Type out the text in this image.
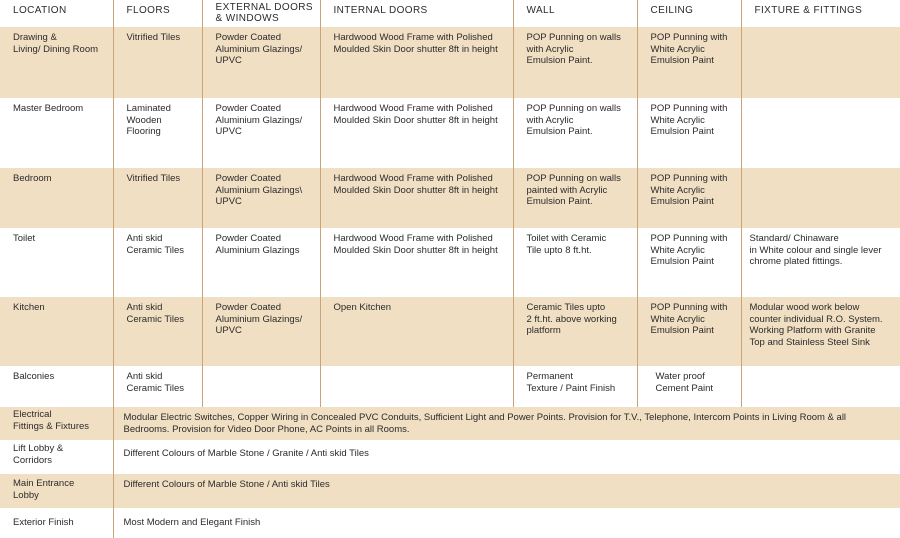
LOCATION	FLOORS	EXTERNAL DOORS
& WINDOWS	INTERNAL DOORS	WALL	CEILING	FIXTURE & FITTINGS

Drawing &
Living/ Dining Room	Vitrified Tiles	Powder Coated
Aluminium Glazings/
UPVC	Hardwood Wood Frame with Polished
Moulded Skin Door shutter 8ft in height	POP Punning on walls
with Acrylic
Emulsion Paint.	POP Punning with
White Acrylic
Emulsion Paint	

Master Bedroom	Laminated
Wooden
Flooring	Powder Coated
Aluminium Glazings/
UPVC	Hardwood Wood Frame with Polished
Moulded Skin Door shutter 8ft in height	POP Punning on walls
with Acrylic
Emulsion Paint.	POP Punning with
White Acrylic
Emulsion Paint	

Bedroom	Vitrified Tiles	Powder Coated
Aluminium Glazings\
UPVC	Hardwood Wood Frame with Polished
Moulded Skin Door shutter 8ft in height	POP Punning on walls
painted with Acrylic
Emulsion Paint.	POP Punning with
White Acrylic
Emulsion Paint	

Toilet	Anti skid
Ceramic Tiles	Powder Coated
Aluminium Glazings	Hardwood Wood Frame with Polished
Moulded Skin Door shutter 8ft in height	Toilet with Ceramic
Tile upto 8 ft.ht.	POP Punning with
White Acrylic
Emulsion Paint	Standard/ Chinaware
in White colour and single lever
chrome plated fittings.

Kitchen	Anti skid
Ceramic Tiles	Powder Coated
Aluminium Glazings/
UPVC	Open Kitchen	Ceramic Tiles upto
2 ft.ht. above working
platform	POP Punning with
White Acrylic
Emulsion Paint	Modular wood work below
counter individual R.O. System.
Working Platform with Granite
Top and Stainless Steel Sink

Balconies	Anti skid
Ceramic Tiles			Permanent
Texture / Paint Finish	Water proof
Cement Paint	

Electrical
Fittings & Fixtures	Modular Electric Switches, Copper Wiring in Concealed PVC Conduits, Sufficient Light and Power Points. Provision for T.V., Telephone, Intercom Points in Living Room & all
Bedrooms. Provision for Video Door Phone, AC Points in all Rooms.					

Lift Lobby &
Corridors	Different Colours of Marble Stone / Granite / Anti skid Tiles					

Main Entrance
Lobby	Different Colours of Marble Stone / Anti skid Tiles					

Exterior Finish	Most Modern and Elegant Finish					
